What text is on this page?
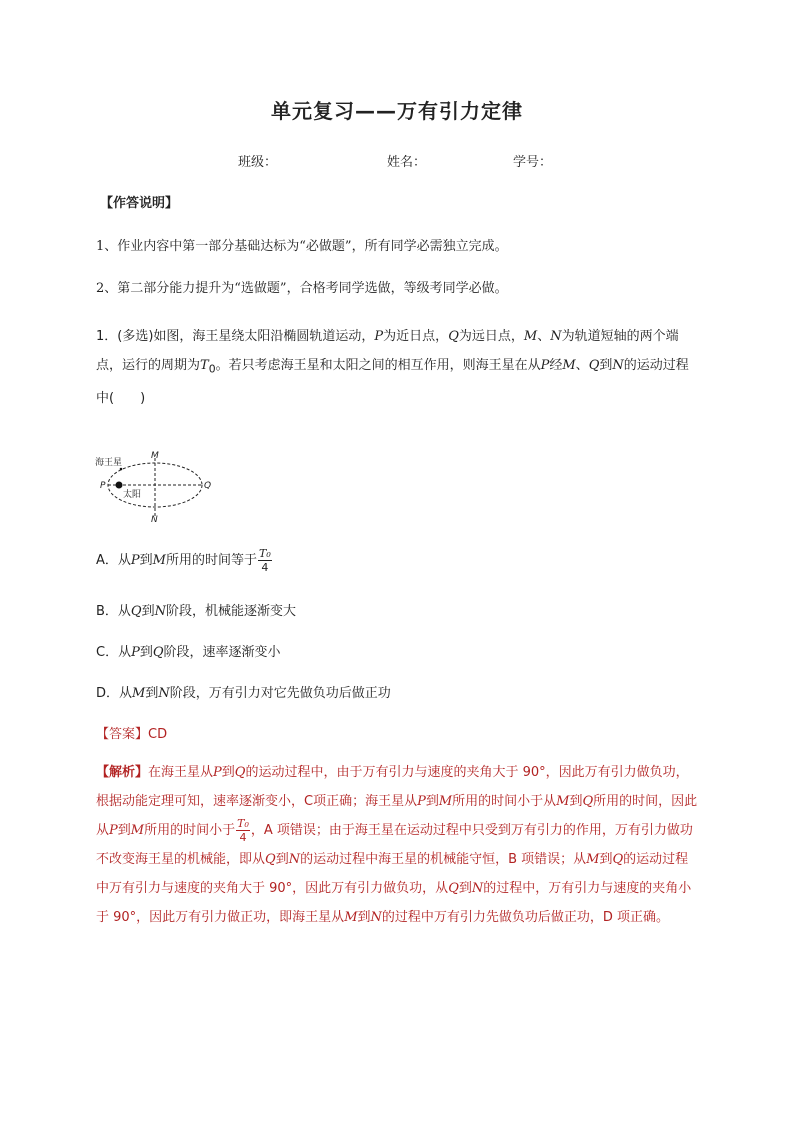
单元复习——万有引力定律
班级：	姓名：	学号：
【作答说明】
1、作业内容中第一部分基础达标为“必做题”，所有同学必需独立完成。
2、第二部分能力提升为“选做题”，合格考同学选做，等级考同学必做。
1．(多选)如图，海王星绕太阳沿椭圆轨道运动，P为近日点，Q为远日点，M、N为轨道短轴的两个端点，运行的周期为$T_0$。若只考虑海王星和太阳之间的相互作用，则海王星在从P经M、Q到N的运动过程中(　　)
海王星
太阳
P	Q
M
N
A．从P到M所用的时间等于 $\frac{\text{T₀}}{4}$
B．从Q到N阶段，机械能逐渐变大
C．从P到Q阶段，速率逐渐变小
D．从M到N阶段，万有引力对它先做负功后做正功
【答案】CD
【解析】在海王星从P到Q的运动过程中，由于万有引力与速度的夹角大于 90°，因此万有引力做负功，根据动能定理可知，速率逐渐变小，C项正确；海王星从P到M所用的时间小于从M到Q所用的时间，因此从P到M所用的时间小于 $\frac{\text{T₀}}{4}$ ，A 项错误；由于海王星在运动过程中只受到万有引力的作用，万有引力做功不改变海王星的机械能，即从Q到N的运动过程中海王星的机械能守恒，B 项错误；从M到Q的运动过程中万有引力与速度的夹角大于 90°，因此万有引力做负功，从Q到N的过程中，万有引力与速度的夹角小于 90°，因此万有引力做正功，即海王星从M到N的过程中万有引力先做负功后做正功，D 项正确。
